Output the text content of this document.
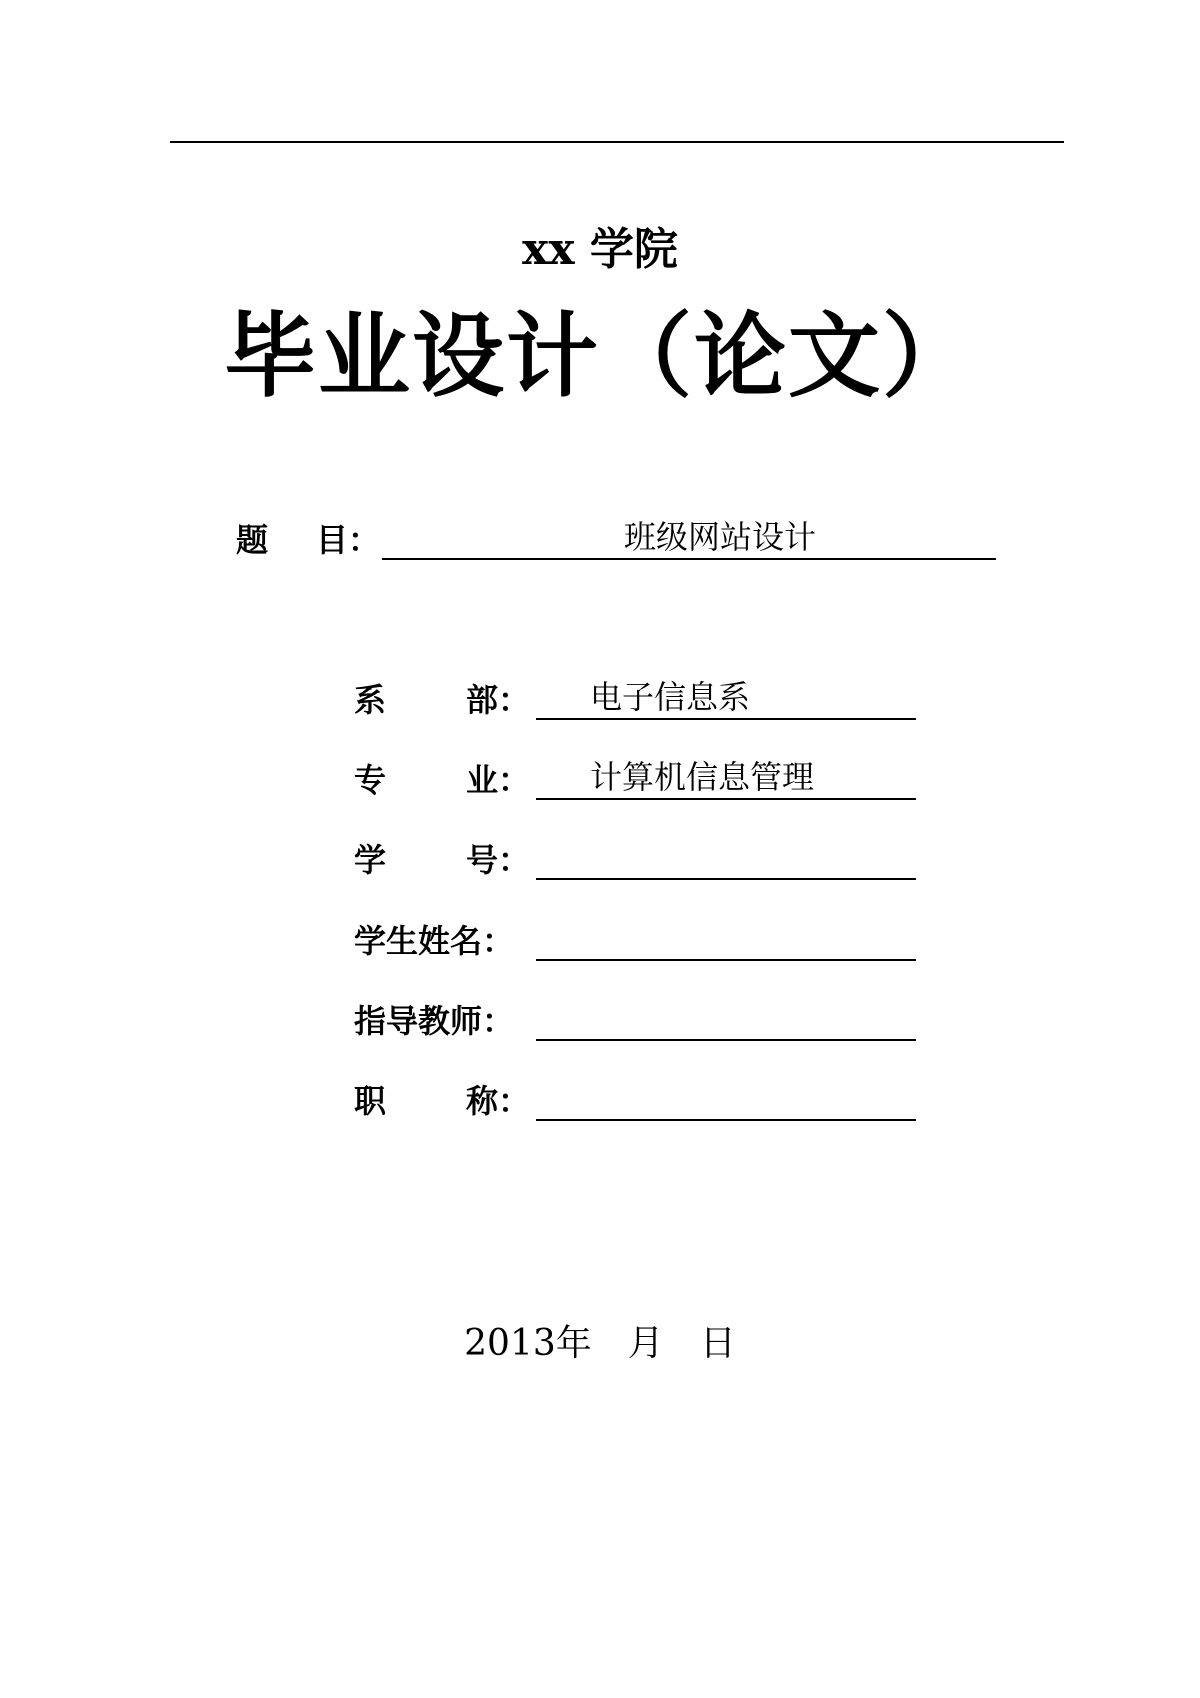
xx 学院
毕业设计（论文）
题 目：	班级网站设计
系 部： 电子信息系
专 业： 计算机信息管理
学 号：
学生姓名：
指导教师：
职 称：
2013年 月 日
